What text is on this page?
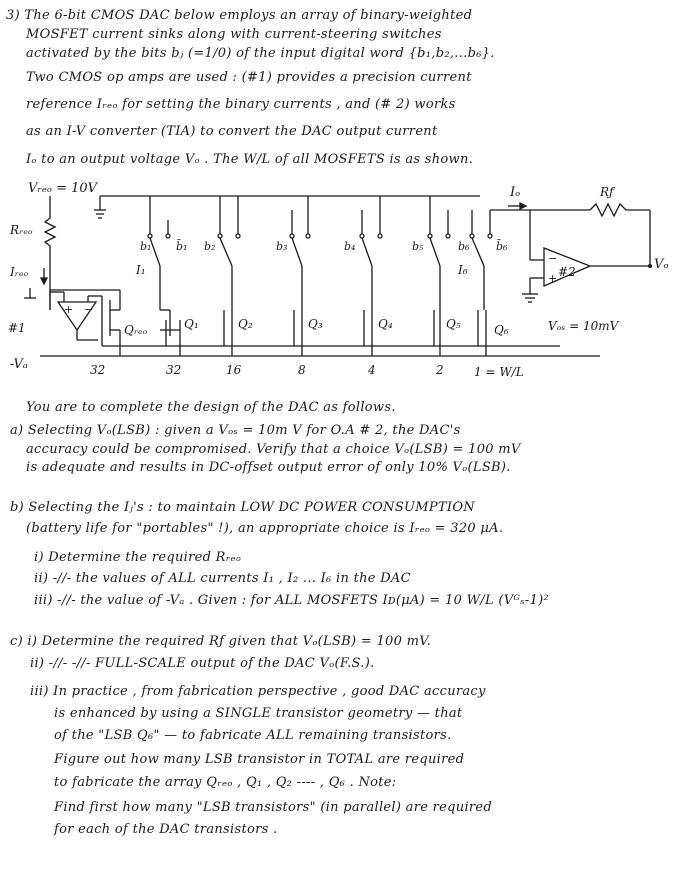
3) The 6-bit CMOS DAC below employs an array of binary-weighted
MOSFET current sinks along with current-steering switches
activated by the bits bⱼ (=1/0) of the input digital word {b₁,b₂,...b₆}.
Two CMOS op amps are used : (#1) provides a precision current
reference Iᵣₑₒ for setting the binary currents , and (# 2) works
as an I-V converter (TIA) to convert the DAC output current
Iₒ to an output voltage Vₒ . The W/L of all MOSFETS is as shown.
Vᵣₑₒ = 10V
Rᵣₑₒ
Iᵣₑₒ
+ −
#1	Qᵣₑₒ
−
+ #2
Iₒ	Rƒ
Vₒ
Vₒₛ = 10mV
-Vₐ
I₁	I₆
b₁ b̄₁ b₂	b₃	b₄	b₅	b₆ b̄₆
Q₁	Q₂	Q₃	Q₄	Q₅	Q₆
32	32	16	8	4	2	1 = W/L
You are to complete the design of the DAC as follows.
a) Selecting Vₒ(LSB) : given a Vₒₛ = 10m V for O.A # 2, the DAC's
accuracy could be compromised. Verify that a choice Vₒ(LSB) = 100 mV
is adequate and results in DC-offset output error of only 10% Vₒ(LSB).
b) Selecting the Iⱼ's : to maintain LOW DC POWER CONSUMPTION
(battery life for "portables" !), an appropriate choice is Iᵣₑₒ = 320 μA.
i) Determine the required Rᵣₑₒ
ii) -//- the values of ALL currents I₁ , I₂ ... I₆ in the DAC
iii) -//- the value of -Vₐ . Given : for ALL MOSFETS Iᴅ(μA) = 10 W/L (Vᴳₛ-1)²
c) i) Determine the required Rƒ given that Vₒ(LSB) = 100 mV.
ii) -//- -//- FULL-SCALE output of the DAC Vₒ(F.S.).
iii) In practice , from fabrication perspective , good DAC accuracy
is enhanced by using a SINGLE transistor geometry — that
of the "LSB Q₆" — to fabricate ALL remaining transistors.
Figure out how many LSB transistor in TOTAL are required
to fabricate the array Qᵣₑₒ , Q₁ , Q₂ ---- , Q₆ . Note:
Find first how many "LSB transistors" (in parallel) are required
for each of the DAC transistors .
